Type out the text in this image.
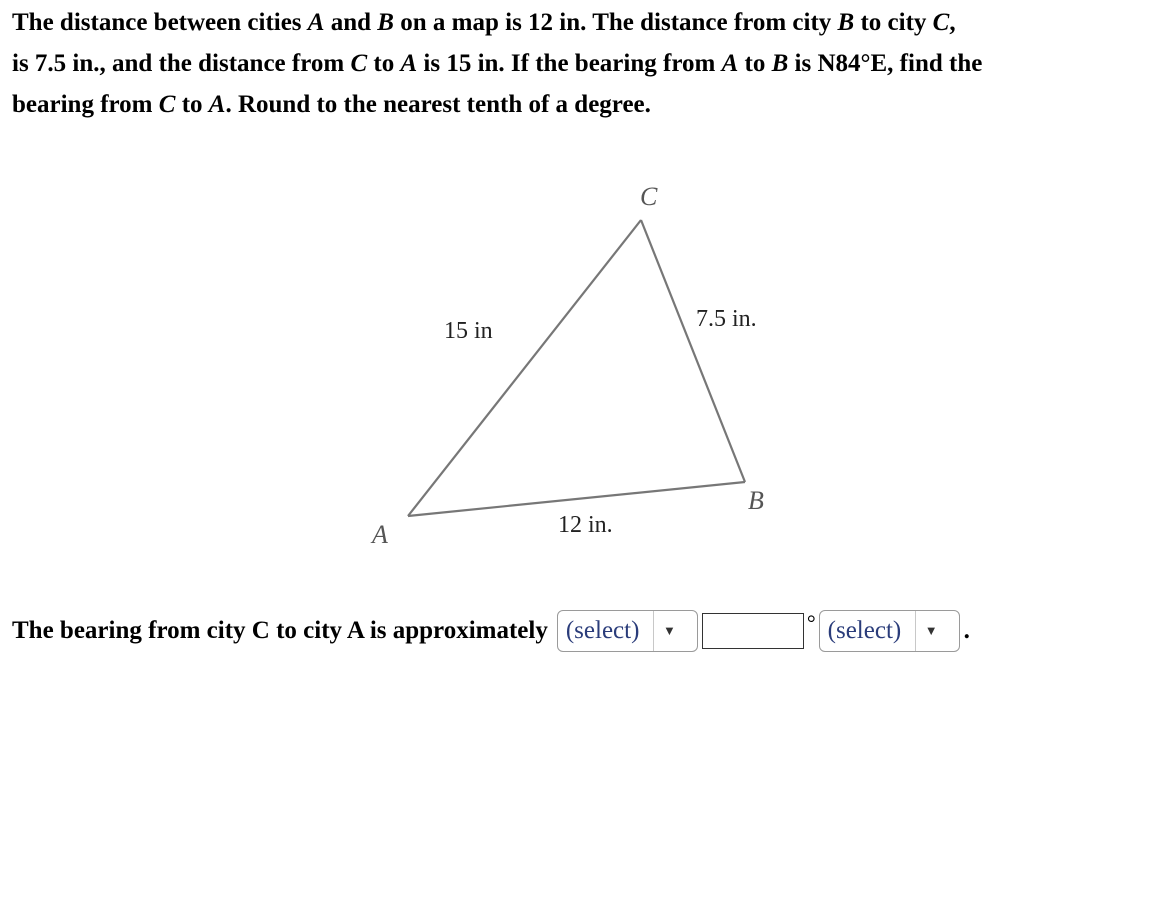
The distance between cities A and B on a map is 12 in. The distance from city B to city C,
is 7.5 in., and the distance from C to A is 15 in. If the bearing from A to B is N84°E, find the
bearing from C to A. Round to the nearest tenth of a degree.
A
B
C
15 in	7.5 in.
12 in.
The bearing from city C to city A is approximately (select)	▼	° (select)	▼	.
